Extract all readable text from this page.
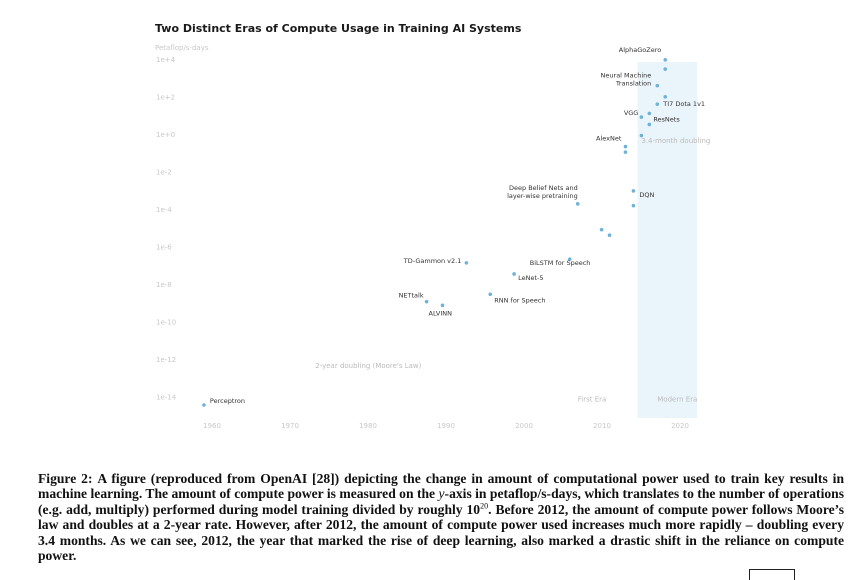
Two Distinct Eras of Compute Usage in Training AI Systems
Petaflop/s-days
1e+4
1e+2
1e+0
1e-2
1e-4
1e-6
1e-8
1e-10
1e-12
1e-14
1960	1970	1980	1990	2000	2010	2020
2-year doubling (Moore's Law)
3.4-month doubling
First Era	Modern Era
Perceptron
NETtalk
ALVINN
TD-Gammon v2.1
RNN for Speech
LeNet-5
BiLSTM for Speech
Deep Belief Nets and layer-wise pretraining
AlexNet
DQN
VGG
ResNets
Neural Machine Translation
TI7 Dota 1v1
AlphaGoZero
Figure 2: A figure (reproduced from OpenAI [28]) depicting the change in amount of computational power used to train key results in machine learning. The amount of compute power is measured on the y-axis in petaflop/s-days, which translates to the number of operations (e.g. add, multiply) performed during model training divided by roughly $10^{20}$. Before 2012, the amount of compute power follows Moore’s law and doubles at a 2-year rate. However, after 2012, the amount of compute power used increases much more rapidly – doubling every 3.4 months. As we can see, 2012, the year that marked the rise of deep learning, also marked a drastic shift in the reliance on compute power.
